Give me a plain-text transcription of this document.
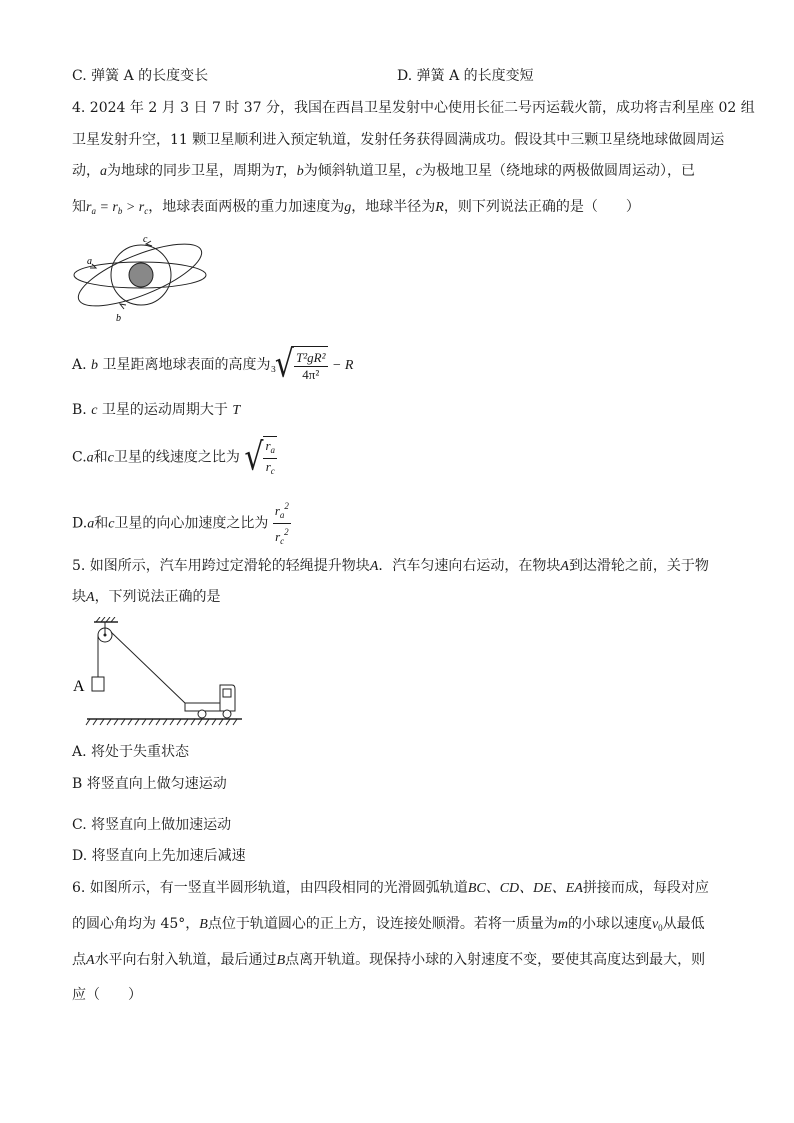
C. 弹簧 A 的长度变长	D. 弹簧 A 的长度变短
4. 2024 年 2 月 3 日 7 时 37 分，我国在西昌卫星发射中心使用长征二号丙运载火箭，成功将吉利星座 02 组
卫星发射升空，11 颗卫星顺利进入预定轨道，发射任务获得圆满成功。假设其中三颗卫星绕地球做圆周运
动，a为地球的同步卫星，周期为T，b为倾斜轨道卫星，c为极地卫星（绕地球的两极做圆周运动），已
知$r_a = r_b > r_c$，地球表面两极的重力加速度为g，地球半径为R，则下列说法正确的是（　　）
c
a
b
A. b 卫星距离地球表面的高度为 3
√ $\frac{\text{T²gR²}}{\text{4π²}} - R$
B. c 卫星的运动周期大于 T
C.a和c卫星的线速度之比为 √ $\frac{r_a}{r_c}$
D.a和c卫星的向心加速度之比为 $\frac{r_a^2}{r_c^2}$
5. 如图所示，汽车用跨过定滑轮的轻绳提升物块A．汽车匀速向右运动，在物块A到达滑轮之前，关于物
块A，下列说法正确的是
A
A. 将处于失重状态
B 将竖直向上做匀速运动
C. 将竖直向上做加速运动
D. 将竖直向上先加速后减速
6. 如图所示，有一竖直半圆形轨道，由四段相同的光滑圆弧轨道BC、CD、DE、EA拼接而成，每段对应
的圆心角均为 45°，B点位于轨道圆心的正上方，设连接处顺滑。若将一质量为m的小球以速度$v_0$从最低
点A水平向右射入轨道，最后通过B点离开轨道。现保持小球的入射速度不变，要使其高度达到最大，则
应（　　）
